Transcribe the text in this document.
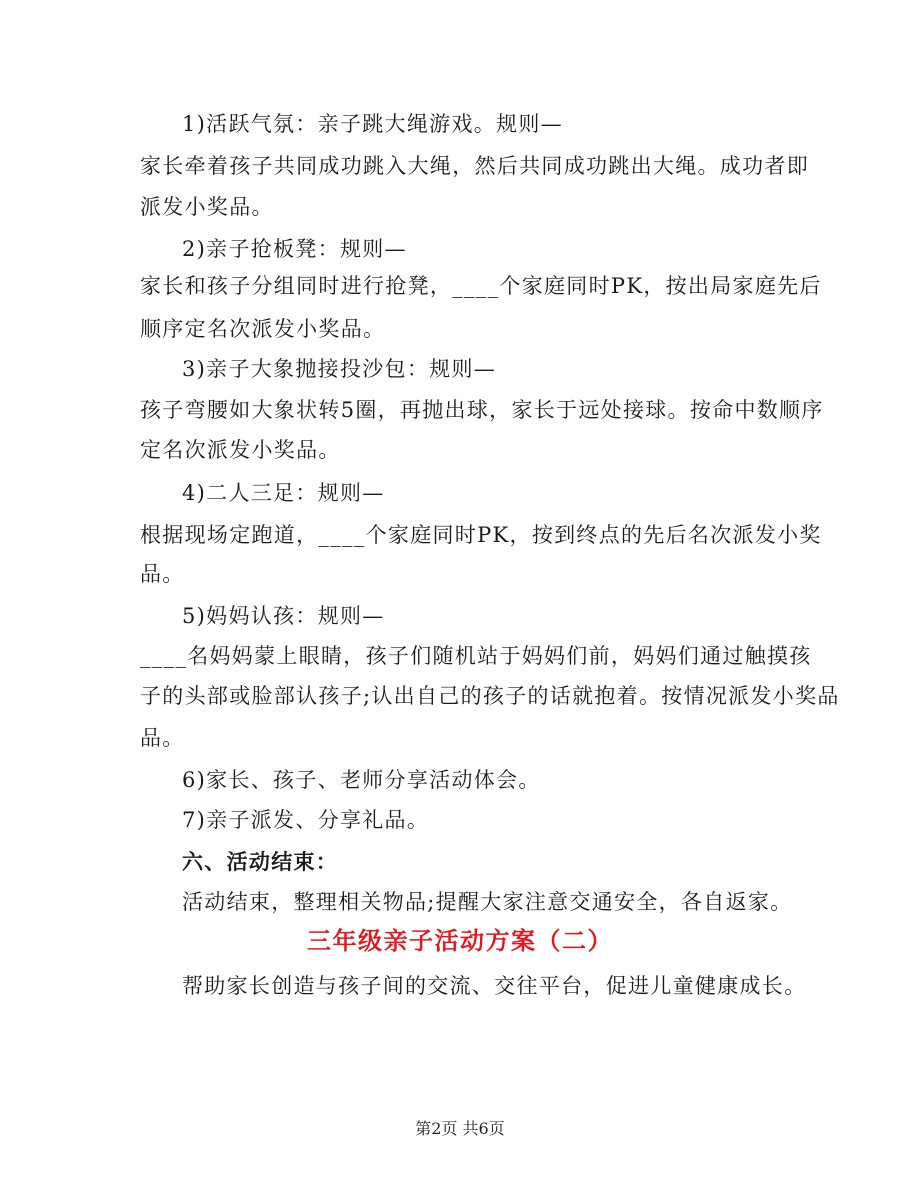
1)活跃气氛：亲子跳大绳游戏。规则—
家长牵着孩子共同成功跳入大绳，然后共同成功跳出大绳。成功者即
派发小奖品。
2)亲子抢板凳：规则—
家长和孩子分组同时进行抢凳，____个家庭同时PK，按出局家庭先后
顺序定名次派发小奖品。
3)亲子大象抛接投沙包：规则—
孩子弯腰如大象状转5圈，再抛出球，家长于远处接球。按命中数顺序
定名次派发小奖品。
4)二人三足：规则—
根据现场定跑道，____个家庭同时PK，按到终点的先后名次派发小奖
品。
5)妈妈认孩：规则—
____名妈妈蒙上眼睛，孩子们随机站于妈妈们前，妈妈们通过触摸孩
子的头部或脸部认孩子;认出自己的孩子的话就抱着。按情况派发小奖品
品。
6)家长、孩子、老师分享活动体会。
7)亲子派发、分享礼品。
六、活动结束：
活动结束，整理相关物品;提醒大家注意交通安全，各自返家。
三年级亲子活动方案（二）
帮助家长创造与孩子间的交流、交往平台，促进儿童健康成长。
第2页 共6页
